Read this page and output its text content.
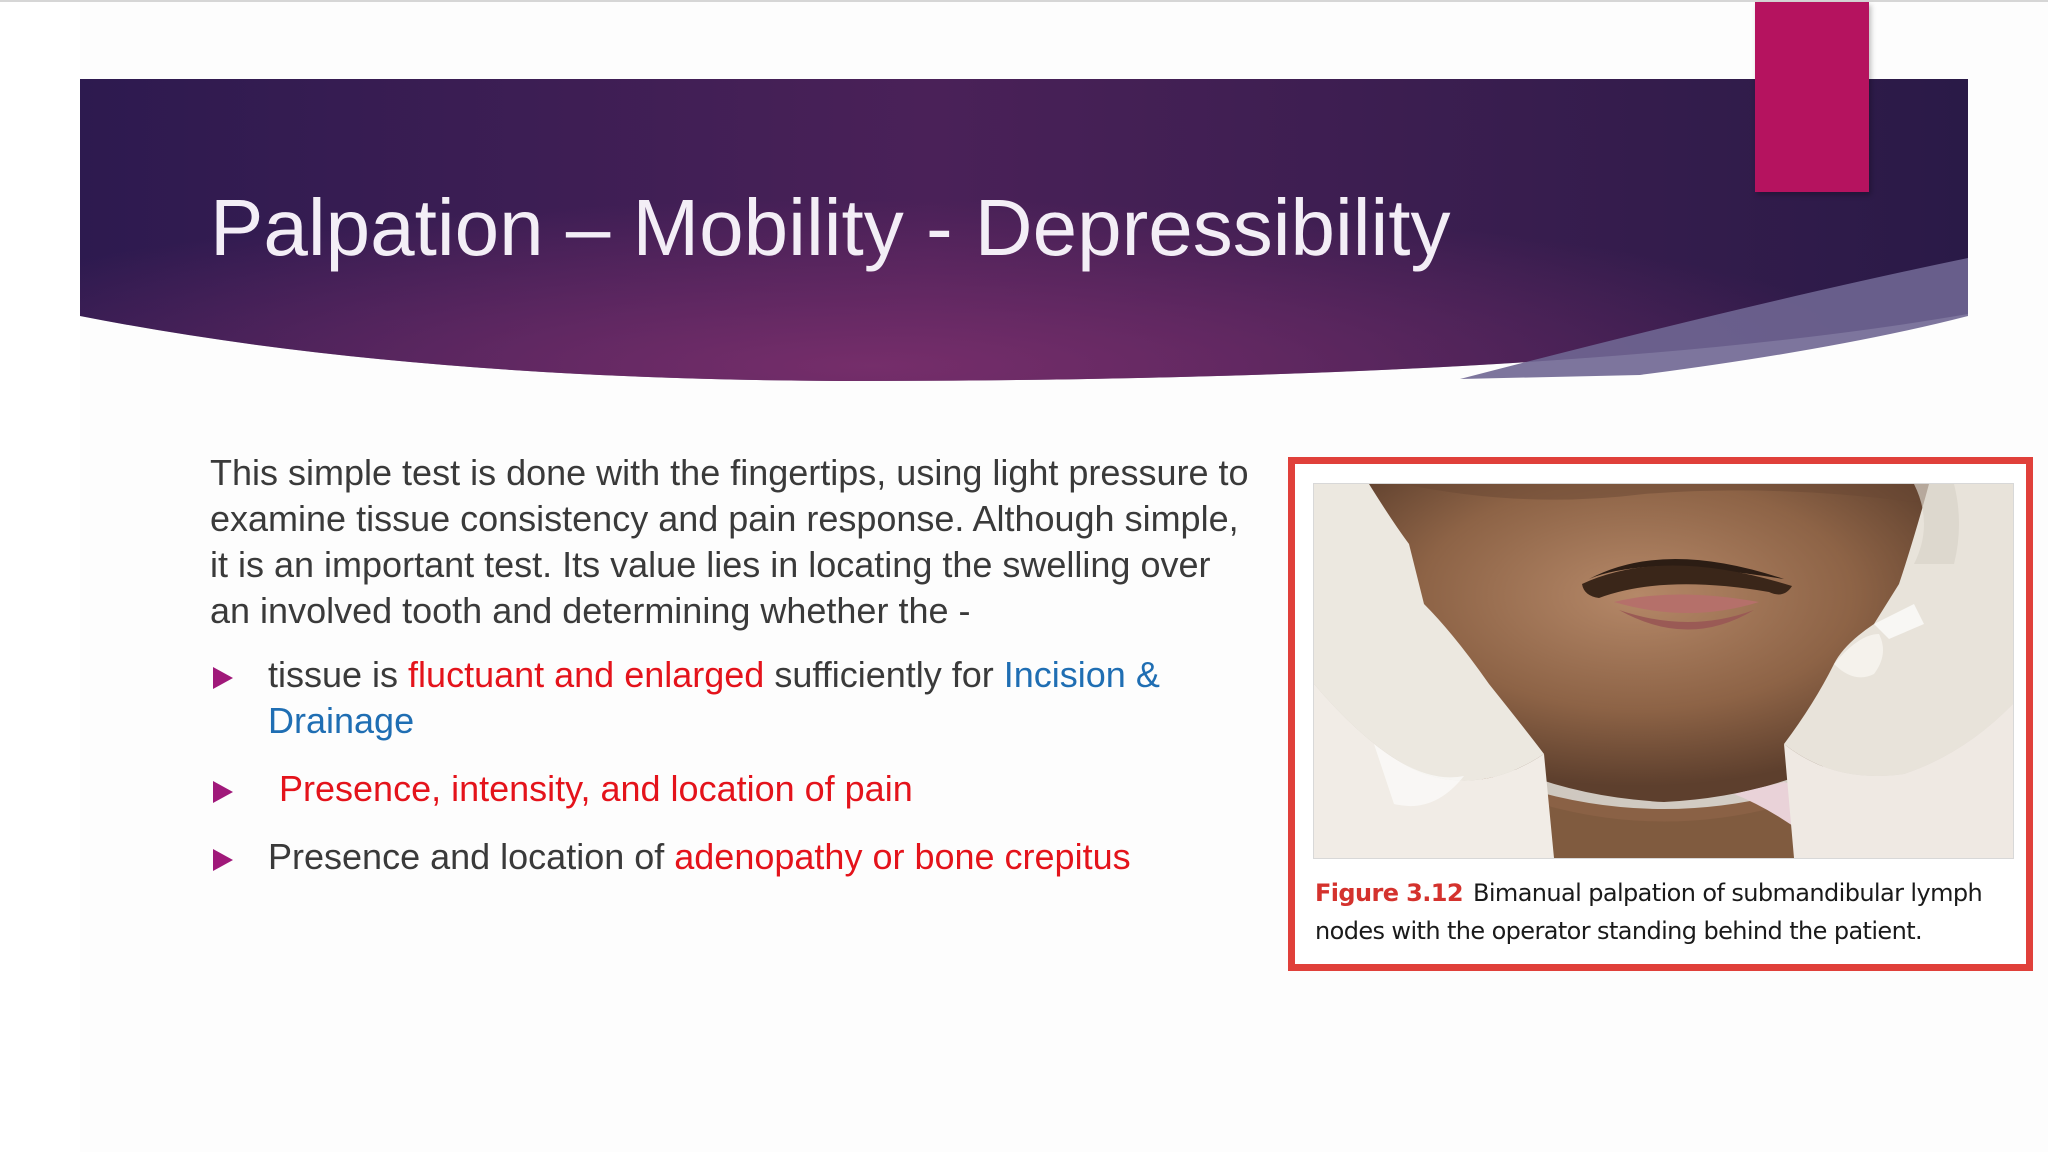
Palpation – Mobility - Depressibility

This simple test is done with the fingertips, using light pressure to examine tissue consistency and pain response. Although simple, it is an important test. Its value lies in locating the swelling over an involved tooth and determining whether the -

tissue is fluctuant and enlarged sufficiently for Incision & Drainage
Presence, intensity, and location of pain
Presence and location of adenopathy or bone crepitus
Figure 3.12 Bimanual palpation of submandibular lymph nodes with the operator standing behind the patient.
